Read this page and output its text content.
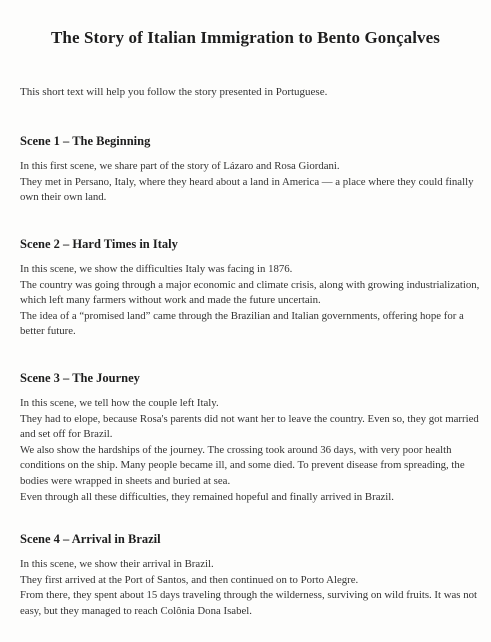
The Story of Italian Immigration to Bento Gonçalves
This short text will help you follow the story presented in Portuguese.
Scene 1 – The Beginning

In this first scene, we share part of the story of Lázaro and Rosa Giordani.

They met in Persano, Italy, where they heard about a land in America — a place where they could finally own their own land.

Scene 2 – Hard Times in Italy

In this scene, we show the difficulties Italy was facing in 1876.

The country was going through a major economic and climate crisis, along with growing industrialization, which left many farmers without work and made the future uncertain.

The idea of a “promised land” came through the Brazilian and Italian governments, offering hope for a better future.

Scene 3 – The Journey

In this scene, we tell how the couple left Italy.

They had to elope, because Rosa's parents did not want her to leave the country. Even so, they got married and set off for Brazil.

We also show the hardships of the journey. The crossing took around 36 days, with very poor health conditions on the ship. Many people became ill, and some died. To prevent disease from spreading, the bodies were wrapped in sheets and buried at sea.

Even through all these difficulties, they remained hopeful and finally arrived in Brazil.

Scene 4 – Arrival in Brazil

In this scene, we show their arrival in Brazil.

They first arrived at the Port of Santos, and then continued on to Porto Alegre.

From there, they spent about 15 days traveling through the wilderness, surviving on wild fruits. It was not easy, but they managed to reach Colônia Dona Isabel.
